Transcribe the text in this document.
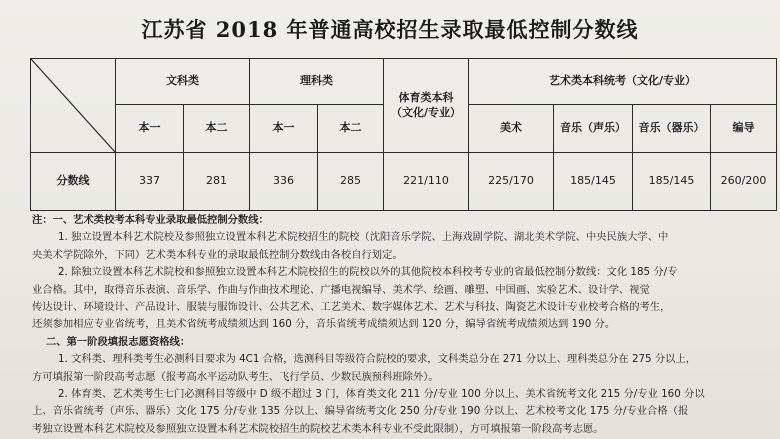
江苏省 2018 年普通高校招生录取最低控制分数线
	文科类		理科类		体育类本科
（文化/专业）	艺术类本科统考（文化/专业）			
	本一	本二	本一	本二		美术	音乐（声乐）	音乐（器乐）	编导
分数线	337	281	336	285	221/110	225/170	185/145	185/145	260/200

注：一、艺术类校考本科专业录取最低控制分数线：

1. 独立设置本科艺术院校及参照独立设置本科艺术院校招生的院校（沈阳音乐学院、上海戏剧学院、湖北美术学院、中央民族大学、中

央美术学院除外，下同）艺术类本科专业的录取最低控制分数线由各校自行划定。

2. 除独立设置本科艺术院校和参照独立设置本科艺术院校招生的院校以外的其他院校本科校考专业的省最低控制分数线：文化 185 分/专

业合格。其中，取得音乐表演、音乐学、作曲与作曲技术理论、广播电视编导、美术学、绘画、雕塑、中国画、实验艺术、设计学、视觉

传达设计、环境设计、产品设计、服装与服饰设计、公共艺术、工艺美术、数字媒体艺术、艺术与科技、陶瓷艺术设计专业校考合格的考生，

还须参加相应专业省统考，且美术省统考成绩须达到 160 分，音乐省统考成绩须达到 120 分，编导省统考成绩须达到 190 分。

二、第一阶段填报志愿资格线：

1. 文科类、理科类考生必测科目要求为 4C1 合格，选测科目等级符合院校的要求，文科类总分在 271 分以上、理科类总分在 275 分以上，

方可填报第一阶段高考志愿（报考高水平运动队考生、飞行学员、少数民族预科班除外）。

2. 体育类、艺术类考生七门必测科目等级中 D 级不超过 3 门，体育类文化 211 分/专业 100 分以上、美术省统考文化 215 分/专业 160 分以

上、音乐省统考（声乐、器乐）文化 175 分/专业 135 分以上、编导省统考文化 250 分/专业 190 分以上、艺术校考文化 175 分/专业合格（报

考独立设置本科艺术院校及参照独立设置本科艺术院校招生的院校艺术类本科专业不受此限制），方可填报第一阶段高考志愿。
